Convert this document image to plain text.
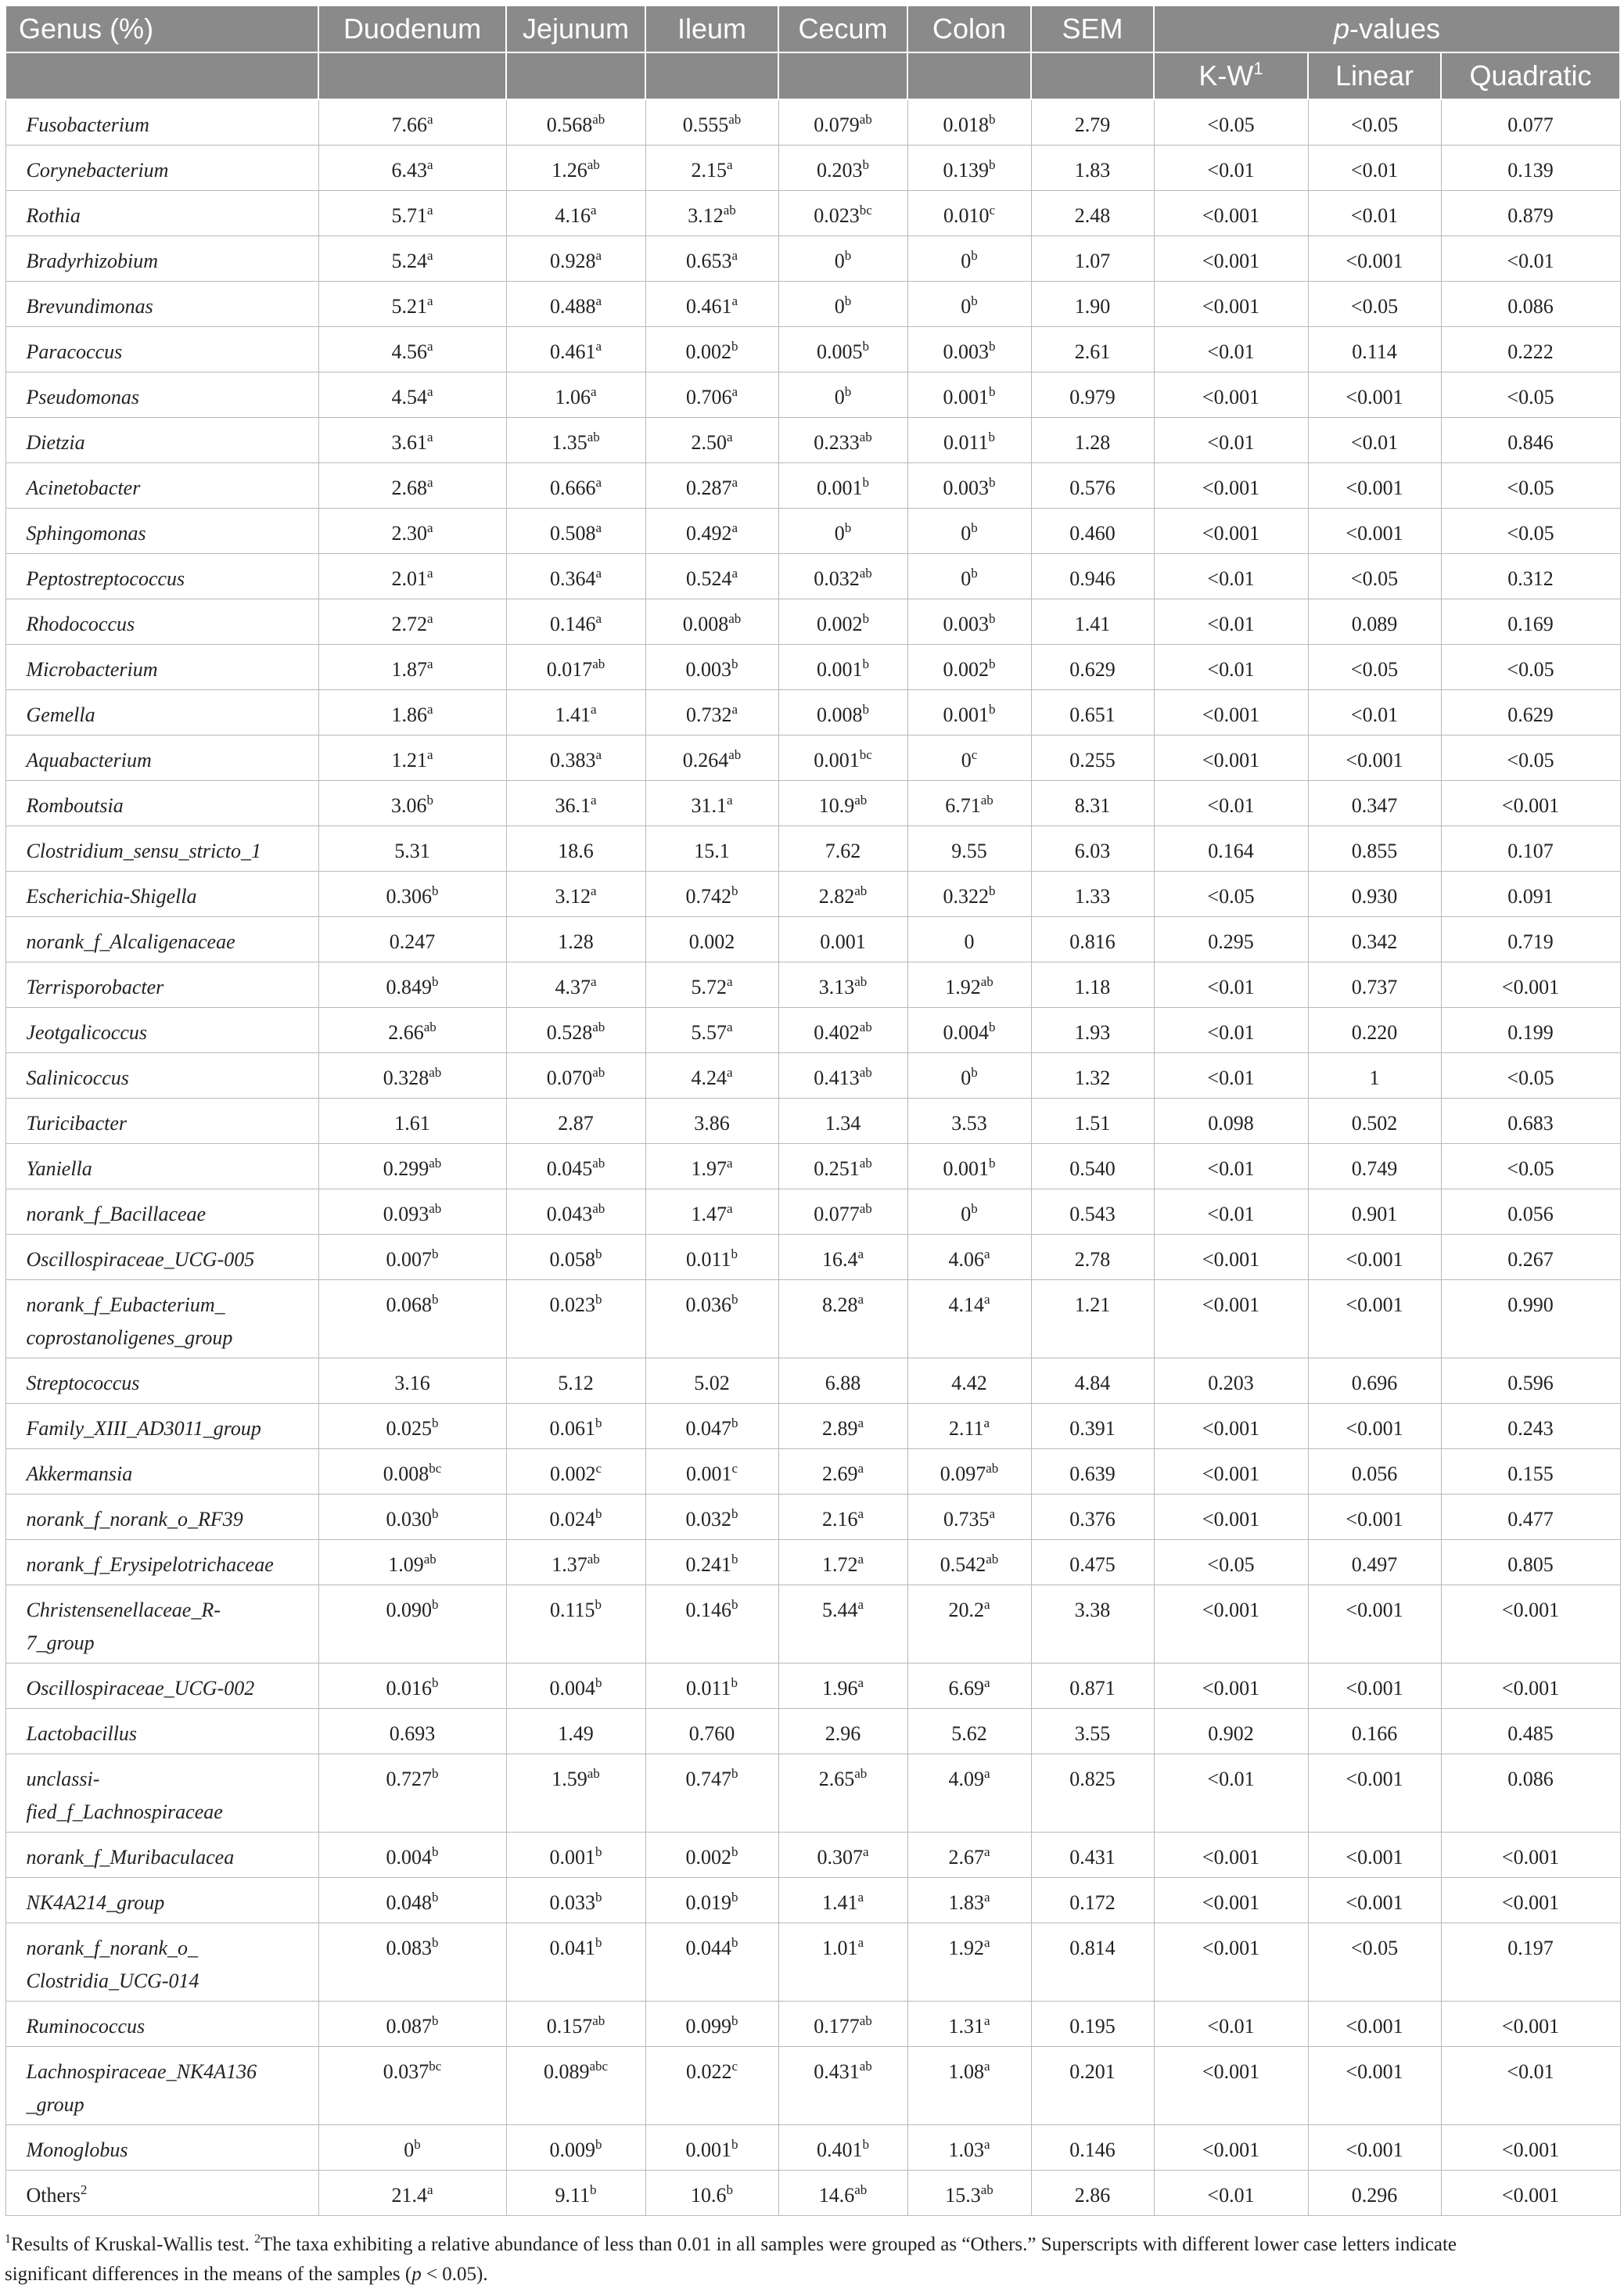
Genus (%)	Duodenum	Jejunum	Ileum	Cecum	Colon	SEM	p-values		
							$K-W^1$	Linear	Quadratic
Fusobacterium	7.66$^a$	0.568$^{ab}$	0.555$^{ab}$	0.079$^{ab}$	0.018$^b$	2.79	<0.05	<0.05	0.077
Corynebacterium	6.43$^a$	1.26$^{ab}$	2.15$^a$	0.203$^b$	0.139$^b$	1.83	<0.01	<0.01	0.139
Rothia	5.71$^a$	4.16$^a$	3.12$^{ab}$	0.023$^{bc}$	0.010$^c$	2.48	<0.001	<0.01	0.879
Bradyrhizobium	5.24$^a$	0.928$^a$	0.653$^a$	0$^b$	0$^b$	1.07	<0.001	<0.001	<0.01
Brevundimonas	5.21$^a$	0.488$^a$	0.461$^a$	0$^b$	0$^b$	1.90	<0.001	<0.05	0.086
Paracoccus	4.56$^a$	0.461$^a$	0.002$^b$	0.005$^b$	0.003$^b$	2.61	<0.01	0.114	0.222
Pseudomonas	4.54$^a$	1.06$^a$	0.706$^a$	0$^b$	0.001$^b$	0.979	<0.001	<0.001	<0.05
Dietzia	3.61$^a$	1.35$^{ab}$	2.50$^a$	0.233$^{ab}$	0.011$^b$	1.28	<0.01	<0.01	0.846
Acinetobacter	2.68$^a$	0.666$^a$	0.287$^a$	0.001$^b$	0.003$^b$	0.576	<0.001	<0.001	<0.05
Sphingomonas	2.30$^a$	0.508$^a$	0.492$^a$	0$^b$	0$^b$	0.460	<0.001	<0.001	<0.05
Peptostreptococcus	2.01$^a$	0.364$^a$	0.524$^a$	0.032$^{ab}$	0$^b$	0.946	<0.01	<0.05	0.312
Rhodococcus	2.72$^a$	0.146$^a$	0.008$^{ab}$	0.002$^b$	0.003$^b$	1.41	<0.01	0.089	0.169
Microbacterium	1.87$^a$	0.017$^{ab}$	0.003$^b$	0.001$^b$	0.002$^b$	0.629	<0.01	<0.05	<0.05
Gemella	1.86$^a$	1.41$^a$	0.732$^a$	0.008$^b$	0.001$^b$	0.651	<0.001	<0.01	0.629
Aquabacterium	1.21$^a$	0.383$^a$	0.264$^{ab}$	0.001$^{bc}$	0$^c$	0.255	<0.001	<0.001	<0.05
Romboutsia	3.06$^b$	36.1$^a$	31.1$^a$	10.9$^{ab}$	6.71$^{ab}$	8.31	<0.01	0.347	<0.001
Clostridium_sensu_stricto_1	5.31	18.6	15.1	7.62	9.55	6.03	0.164	0.855	0.107
Escherichia-Shigella	0.306$^b$	3.12$^a$	0.742$^b$	2.82$^{ab}$	0.322$^b$	1.33	<0.05	0.930	0.091
norank_f_Alcaligenaceae	0.247	1.28	0.002	0.001	0	0.816	0.295	0.342	0.719
Terrisporobacter	0.849$^b$	4.37$^a$	5.72$^a$	3.13$^{ab}$	1.92$^{ab}$	1.18	<0.01	0.737	<0.001
Jeotgalicoccus	2.66$^{ab}$	0.528$^{ab}$	5.57$^a$	0.402$^{ab}$	0.004$^b$	1.93	<0.01	0.220	0.199
Salinicoccus	0.328$^{ab}$	0.070$^{ab}$	4.24$^a$	0.413$^{ab}$	0$^b$	1.32	<0.01	1	<0.05
Turicibacter	1.61	2.87	3.86	1.34	3.53	1.51	0.098	0.502	0.683
Yaniella	0.299$^{ab}$	0.045$^{ab}$	1.97$^a$	0.251$^{ab}$	0.001$^b$	0.540	<0.01	0.749	<0.05
norank_f_Bacillaceae	0.093$^{ab}$	0.043$^{ab}$	1.47$^a$	0.077$^{ab}$	0$^b$	0.543	<0.01	0.901	0.056
Oscillospiraceae_UCG-005	0.007$^b$	0.058$^b$	0.011$^b$	16.4$^a$	4.06$^a$	2.78	<0.001	<0.001	0.267
norank_f_Eubacterium_
coprostanoligenes_group	0.068$^b$	0.023$^b$	0.036$^b$	8.28$^a$	4.14$^a$	1.21	<0.001	<0.001	0.990
Streptococcus	3.16	5.12	5.02	6.88	4.42	4.84	0.203	0.696	0.596
Family_XIII_AD3011_group	0.025$^b$	0.061$^b$	0.047$^b$	2.89$^a$	2.11$^a$	0.391	<0.001	<0.001	0.243
Akkermansia	0.008$^{bc}$	0.002$^c$	0.001$^c$	2.69$^a$	0.097$^{ab}$	0.639	<0.001	0.056	0.155
norank_f_norank_o_RF39	0.030$^b$	0.024$^b$	0.032$^b$	2.16$^a$	0.735$^a$	0.376	<0.001	<0.001	0.477
norank_f_Erysipelotrichaceae	1.09$^{ab}$	1.37$^{ab}$	0.241$^b$	1.72$^a$	0.542$^{ab}$	0.475	<0.05	0.497	0.805
Christensenellaceae_R-
7_group	0.090$^b$	0.115$^b$	0.146$^b$	5.44$^a$	20.2$^a$	3.38	<0.001	<0.001	<0.001
Oscillospiraceae_UCG-002	0.016$^b$	0.004$^b$	0.011$^b$	1.96$^a$	6.69$^a$	0.871	<0.001	<0.001	<0.001
Lactobacillus	0.693	1.49	0.760	2.96	5.62	3.55	0.902	0.166	0.485
unclassi-
fied_f_Lachnospiraceae	0.727$^b$	1.59$^{ab}$	0.747$^b$	2.65$^{ab}$	4.09$^a$	0.825	<0.01	<0.001	0.086
norank_f_Muribaculacea	0.004$^b$	0.001$^b$	0.002$^b$	0.307$^a$	2.67$^a$	0.431	<0.001	<0.001	<0.001
NK4A214_group	0.048$^b$	0.033$^b$	0.019$^b$	1.41$^a$	1.83$^a$	0.172	<0.001	<0.001	<0.001
norank_f_norank_o_
Clostridia_UCG-014	0.083$^b$	0.041$^b$	0.044$^b$	1.01$^a$	1.92$^a$	0.814	<0.001	<0.05	0.197
Ruminococcus	0.087$^b$	0.157$^{ab}$	0.099$^b$	0.177$^{ab}$	1.31$^a$	0.195	<0.01	<0.001	<0.001
Lachnospiraceae_NK4A136
_group	0.037$^{bc}$	0.089$^{abc}$	0.022$^c$	0.431$^{ab}$	1.08$^a$	0.201	<0.001	<0.001	<0.01
Monoglobus	0$^b$	0.009$^b$	0.001$^b$	0.401$^b$	1.03$^a$	0.146	<0.001	<0.001	<0.001
Others$^2$	21.4$^a$	9.11$^b$	10.6$^b$	14.6$^{ab}$	15.3$^{ab}$	2.86	<0.01	0.296	<0.001
$^1$Results of Kruskal-Wallis test. $^2$The taxa exhibiting a relative abundance of less than 0.01 in all samples were grouped as “Others.” Superscripts with different lower case letters indicate
significant differences in the means of the samples (p < 0.05).
